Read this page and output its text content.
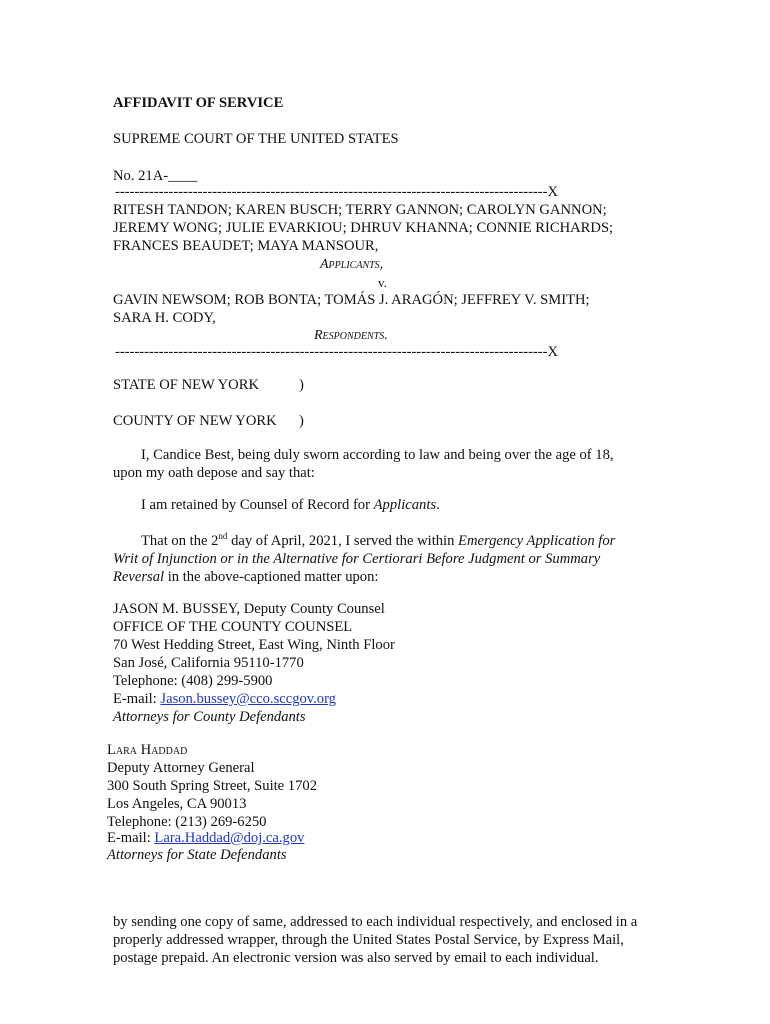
AFFIDAVIT OF SERVICE
SUPREME COURT OF THE UNITED STATES
No. 21A-____
-----------------------------------------------------------------------------------------X
RITESH TANDON; KAREN BUSCH; TERRY GANNON; CAROLYN GANNON;
JEREMY WONG; JULIE EVARKIOU; DHRUV KHANNA; CONNIE RICHARDS;
FRANCES BEAUDET; MAYA MANSOUR,
Applicants,
v.
GAVIN NEWSOM; ROB BONTA; TOMÁS J. ARAGÓN; JEFFREY V. SMITH;
SARA H. CODY,
Respondents.
-----------------------------------------------------------------------------------------X
STATE OF NEW YORK	)
COUNTY OF NEW YORK )
I, Candice Best, being duly sworn according to law and being over the age of 18,
upon my oath depose and say that:
I am retained by Counsel of Record for Applicants.
That on the 2nd day of April, 2021, I served the within Emergency Application for
Writ of Injunction or in the Alternative for Certiorari Before Judgment or Summary
Reversal in the above-captioned matter upon:
JASON M. BUSSEY, Deputy County Counsel
OFFICE OF THE COUNTY COUNSEL
70 West Hedding Street, East Wing, Ninth Floor
San José, California 95110-1770
Telephone: (408) 299-5900
E-mail: Jason.bussey@cco.sccgov.org
Attorneys for County Defendants
Lara Haddad
Deputy Attorney General
300 South Spring Street, Suite 1702
Los Angeles, CA 90013
Telephone: (213) 269-6250
E-mail: Lara.Haddad@doj.ca.gov
Attorneys for State Defendants
by sending one copy of same, addressed to each individual respectively, and enclosed in a
properly addressed wrapper, through the United States Postal Service, by Express Mail,
postage prepaid. An electronic version was also served by email to each individual.
